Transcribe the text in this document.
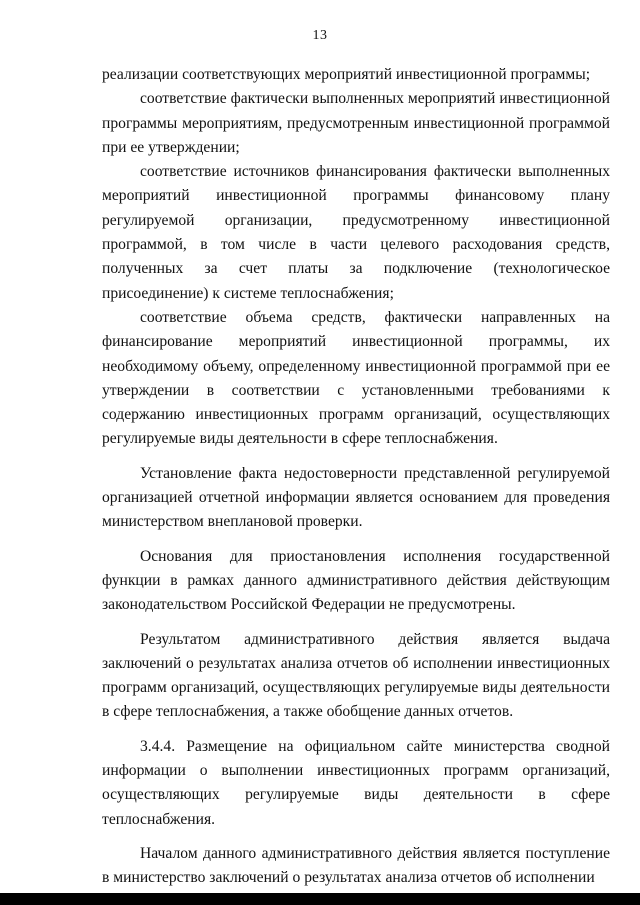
13

реализации соответствующих мероприятий инвестиционной программы;

соответствие фактически выполненных мероприятий инвестиционной программы мероприятиям, предусмотренным инвестиционной программой при ее утверждении;

соответствие источников финансирования фактически выполненных мероприятий инвестиционной программы финансовому плану регулируемой организации, предусмотренному инвестиционной программой, в том числе в части целевого расходования средств, полученных за счет платы за подключение (технологическое присоединение) к системе теплоснабжения;

соответствие объема средств, фактически направленных на финансирование мероприятий инвестиционной программы, их необходимому объему, определенному инвестиционной программой при ее утверждении в соответствии с установленными требованиями к содержанию инвестиционных программ организаций, осуществляющих регулируемые виды деятельности в сфере теплоснабжения.

Установление факта недостоверности представленной регулируемой организацией отчетной информации является основанием для проведения министерством внеплановой проверки.

Основания для приостановления исполнения государственной функции в рамках данного административного действия действующим законодательством Российской Федерации не предусмотрены.

Результатом административного действия является выдача заключений о результатах анализа отчетов об исполнении инвестиционных программ организаций, осуществляющих регулируемые виды деятельности в сфере теплоснабжения, а также обобщение данных отчетов.

3.4.4. Размещение на официальном сайте министерства сводной информации о выполнении инвестиционных программ организаций, осуществляющих регулируемые виды деятельности в сфере теплоснабжения.

Началом данного административного действия является поступление в министерство заключений о результатах анализа отчетов об исполнении
